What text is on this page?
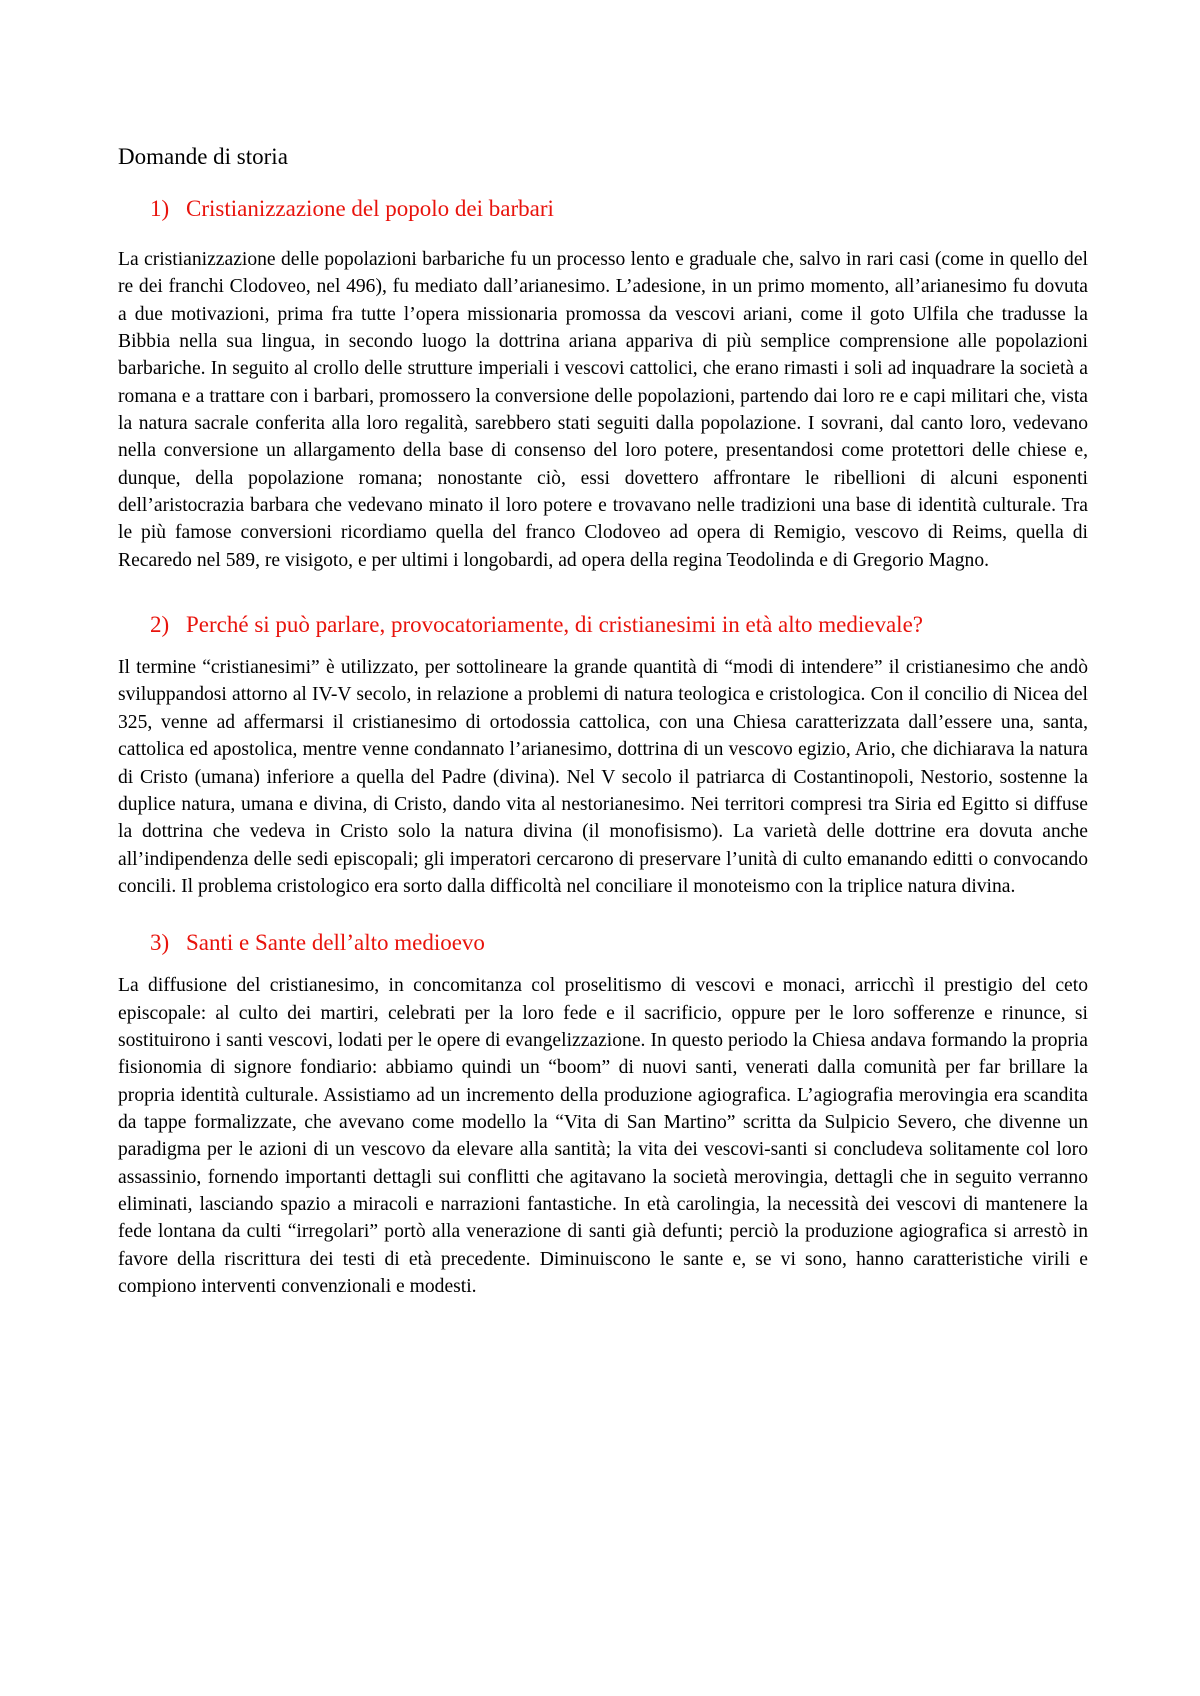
Domande di storia
1) Cristianizzazione del popolo dei barbari

La cristianizzazione delle popolazioni barbariche fu un processo lento e graduale che, salvo in rari casi (come in quello del re dei franchi Clodoveo, nel 496), fu mediato dall’arianesimo. L’adesione, in un primo momento, all’arianesimo fu dovuta a due motivazioni, prima fra tutte l’opera missionaria promossa da vescovi ariani, come il goto Ulfila che tradusse la Bibbia nella sua lingua, in secondo luogo la dottrina ariana appariva di più semplice comprensione alle popolazioni barbariche. In seguito al crollo delle strutture imperiali i vescovi cattolici, che erano rimasti i soli ad inquadrare la società a romana e a trattare con i barbari, promossero la conversione delle popolazioni, partendo dai loro re e capi militari che, vista la natura sacrale conferita alla loro regalità, sarebbero stati seguiti dalla popolazione. I sovrani, dal canto loro, vedevano nella conversione un allargamento della base di consenso del loro potere, presentandosi come protettori delle chiese e, dunque, della popolazione romana; nonostante ciò, essi dovettero affrontare le ribellioni di alcuni esponenti dell’aristocrazia barbara che vedevano minato il loro potere e trovavano nelle tradizioni una base di identità culturale. Tra le più famose conversioni ricordiamo quella del franco Clodoveo ad opera di Remigio, vescovo di Reims, quella di Recaredo nel 589, re visigoto, e per ultimi i longobardi, ad opera della regina Teodolinda e di Gregorio Magno.

2) Perché si può parlare, provocatoriamente, di cristianesimi in età alto medievale?

Il termine “cristianesimi” è utilizzato, per sottolineare la grande quantità di “modi di intendere” il cristianesimo che andò sviluppandosi attorno al IV-V secolo, in relazione a problemi di natura teologica e cristologica. Con il concilio di Nicea del 325, venne ad affermarsi il cristianesimo di ortodossia cattolica, con una Chiesa caratterizzata dall’essere una, santa, cattolica ed apostolica, mentre venne condannato l’arianesimo, dottrina di un vescovo egizio, Ario, che dichiarava la natura di Cristo (umana) inferiore a quella del Padre (divina). Nel V secolo il patriarca di Costantinopoli, Nestorio, sostenne la duplice natura, umana e divina, di Cristo, dando vita al nestorianesimo. Nei territori compresi tra Siria ed Egitto si diffuse la dottrina che vedeva in Cristo solo la natura divina (il monofisismo). La varietà delle dottrine era dovuta anche all’indipendenza delle sedi episcopali; gli imperatori cercarono di preservare l’unità di culto emanando editti o convocando concili. Il problema cristologico era sorto dalla difficoltà nel conciliare il monoteismo con la triplice natura divina.

3) Santi e Sante dell’alto medioevo

La diffusione del cristianesimo, in concomitanza col proselitismo di vescovi e monaci, arricchì il prestigio del ceto episcopale: al culto dei martiri, celebrati per la loro fede e il sacrificio, oppure per le loro sofferenze e rinunce, si sostituirono i santi vescovi, lodati per le opere di evangelizzazione. In questo periodo la Chiesa andava formando la propria fisionomia di signore fondiario: abbiamo quindi un “boom” di nuovi santi, venerati dalla comunità per far brillare la propria identità culturale. Assistiamo ad un incremento della produzione agiografica. L’agiografia merovingia era scandita da tappe formalizzate, che avevano come modello la “Vita di San Martino” scritta da Sulpicio Severo, che divenne un paradigma per le azioni di un vescovo da elevare alla santità; la vita dei vescovi-santi si concludeva solitamente col loro assassinio, fornendo importanti dettagli sui conflitti che agitavano la società merovingia, dettagli che in seguito verranno eliminati, lasciando spazio a miracoli e narrazioni fantastiche. In età carolingia, la necessità dei vescovi di mantenere la fede lontana da culti “irregolari” portò alla venerazione di santi già defunti; perciò la produzione agiografica si arrestò in favore della riscrittura dei testi di età precedente. Diminuiscono le sante e, se vi sono, hanno caratteristiche virili e compiono interventi convenzionali e modesti.
